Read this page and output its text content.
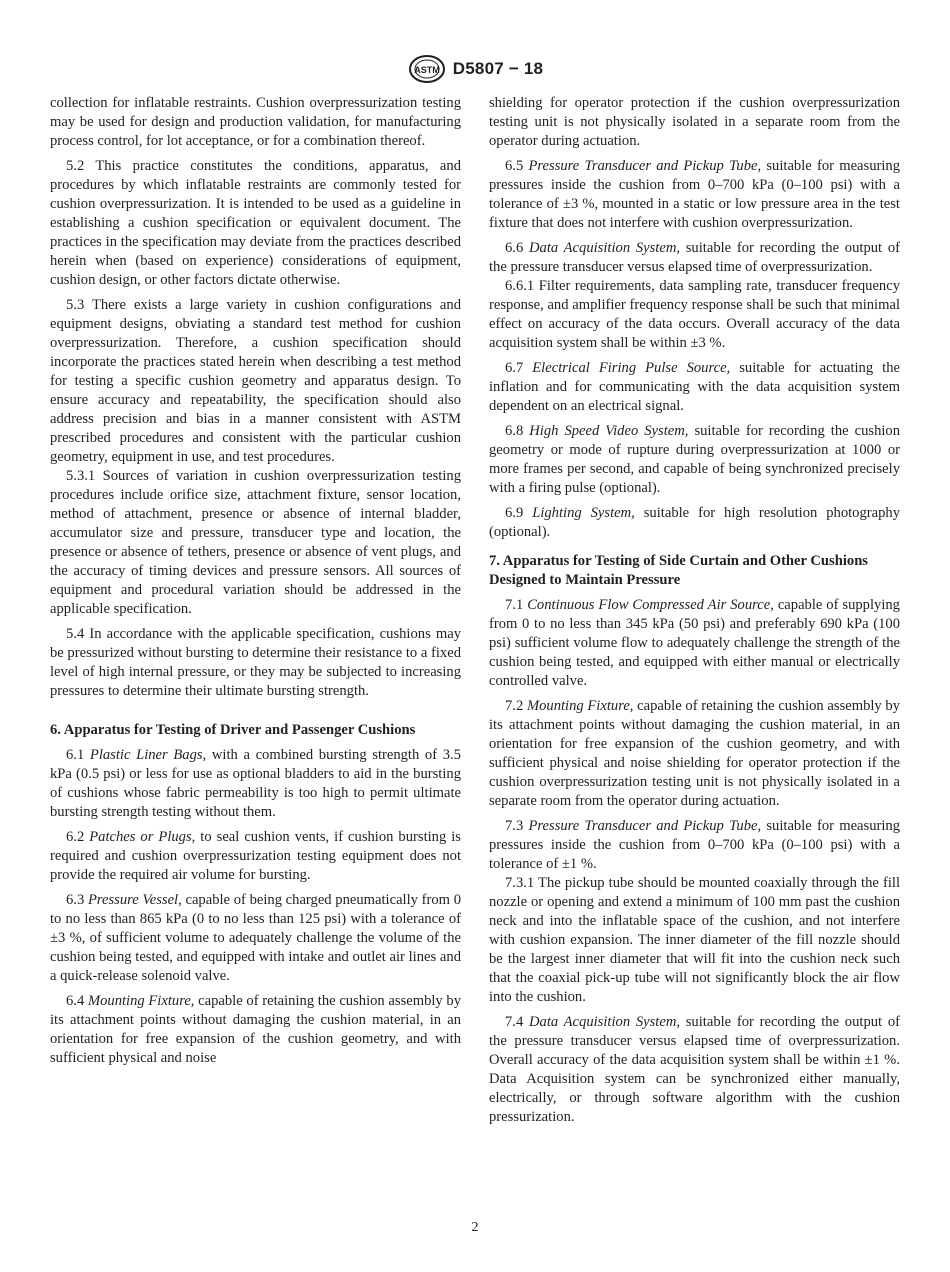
ASTM D5807 − 18

collection for inflatable restraints. Cushion overpressurization testing may be used for design and production validation, for manufacturing process control, for lot acceptance, or for a combination thereof.

5.2 This practice constitutes the conditions, apparatus, and procedures by which inflatable restraints are commonly tested for cushion overpressurization. It is intended to be used as a guideline in establishing a cushion specification or equivalent document. The practices in the specification may deviate from the practices described herein when (based on experience) considerations of equipment, cushion design, or other factors dictate otherwise.

5.3 There exists a large variety in cushion configurations and equipment designs, obviating a standard test method for cushion overpressurization. Therefore, a cushion specification should incorporate the practices stated herein when describing a test method for testing a specific cushion geometry and apparatus design. To ensure accuracy and repeatability, the specification should also address precision and bias in a manner consistent with ASTM prescribed procedures and consistent with the particular cushion geometry, equipment in use, and test procedures.

5.3.1 Sources of variation in cushion overpressurization testing procedures include orifice size, attachment fixture, sensor location, method of attachment, presence or absence of internal bladder, accumulator size and pressure, transducer type and location, the presence or absence of tethers, presence or absence of vent plugs, and the accuracy of timing devices and pressure sensors. All sources of equipment and procedural variation should be addressed in the applicable specification.

5.4 In accordance with the applicable specification, cushions may be pressurized without bursting to determine their resistance to a fixed level of high internal pressure, or they may be subjected to increasing pressures to determine their ultimate bursting strength.

6. Apparatus for Testing of Driver and Passenger Cushions

6.1 Plastic Liner Bags, with a combined bursting strength of 3.5 kPa (0.5 psi) or less for use as optional bladders to aid in the bursting of cushions whose fabric permeability is too high to permit ultimate bursting strength testing without them.

6.2 Patches or Plugs, to seal cushion vents, if cushion bursting is required and cushion overpressurization testing equipment does not provide the required air volume for bursting.

6.3 Pressure Vessel, capable of being charged pneumatically from 0 to no less than 865 kPa (0 to no less than 125 psi) with a tolerance of ±3 %, of sufficient volume to adequately challenge the volume of the cushion being tested, and equipped with intake and outlet air lines and a quick-release solenoid valve.

6.4 Mounting Fixture, capable of retaining the cushion assembly by its attachment points without damaging the cushion material, in an orientation for free expansion of the cushion geometry, and with sufficient physical and noise

shielding for operator protection if the cushion overpressurization testing unit is not physically isolated in a separate room from the operator during actuation.

6.5 Pressure Transducer and Pickup Tube, suitable for measuring pressures inside the cushion from 0–700 kPa (0–100 psi) with a tolerance of ±3 %, mounted in a static or low pressure area in the test fixture that does not interfere with cushion overpressurization.

6.6 Data Acquisition System, suitable for recording the output of the pressure transducer versus elapsed time of overpressurization.

6.6.1 Filter requirements, data sampling rate, transducer frequency response, and amplifier frequency response shall be such that minimal effect on accuracy of the data occurs. Overall accuracy of the data acquisition system shall be within ±3 %.

6.7 Electrical Firing Pulse Source, suitable for actuating the inflation and for communicating with the data acquisition system dependent on an electrical signal.

6.8 High Speed Video System, suitable for recording the cushion geometry or mode of rupture during overpressurization at 1000 or more frames per second, and capable of being synchronized precisely with a firing pulse (optional).

6.9 Lighting System, suitable for high resolution photography (optional).

7. Apparatus for Testing of Side Curtain and Other Cushions Designed to Maintain Pressure

7.1 Continuous Flow Compressed Air Source, capable of supplying from 0 to no less than 345 kPa (50 psi) and preferably 690 kPa (100 psi) sufficient volume flow to adequately challenge the strength of the cushion being tested, and equipped with either manual or electrically controlled valve.

7.2 Mounting Fixture, capable of retaining the cushion assembly by its attachment points without damaging the cushion material, in an orientation for free expansion of the cushion geometry, and with sufficient physical and noise shielding for operator protection if the cushion overpressurization testing unit is not physically isolated in a separate room from the operator during actuation.

7.3 Pressure Transducer and Pickup Tube, suitable for measuring pressures inside the cushion from 0–700 kPa (0–100 psi) with a tolerance of ±1 %.

7.3.1 The pickup tube should be mounted coaxially through the fill nozzle or opening and extend a minimum of 100 mm past the cushion neck and into the inflatable space of the cushion, and not interfere with cushion expansion. The inner diameter of the fill nozzle should be the largest inner diameter that will fit into the cushion neck such that the coaxial pick-up tube will not significantly block the air flow into the cushion.

7.4 Data Acquisition System, suitable for recording the output of the pressure transducer versus elapsed time of overpressurization. Overall accuracy of the data acquisition system shall be within ±1 %. Data Acquisition system can be synchronized either manually, electrically, or through software algorithm with the cushion pressurization.

2
